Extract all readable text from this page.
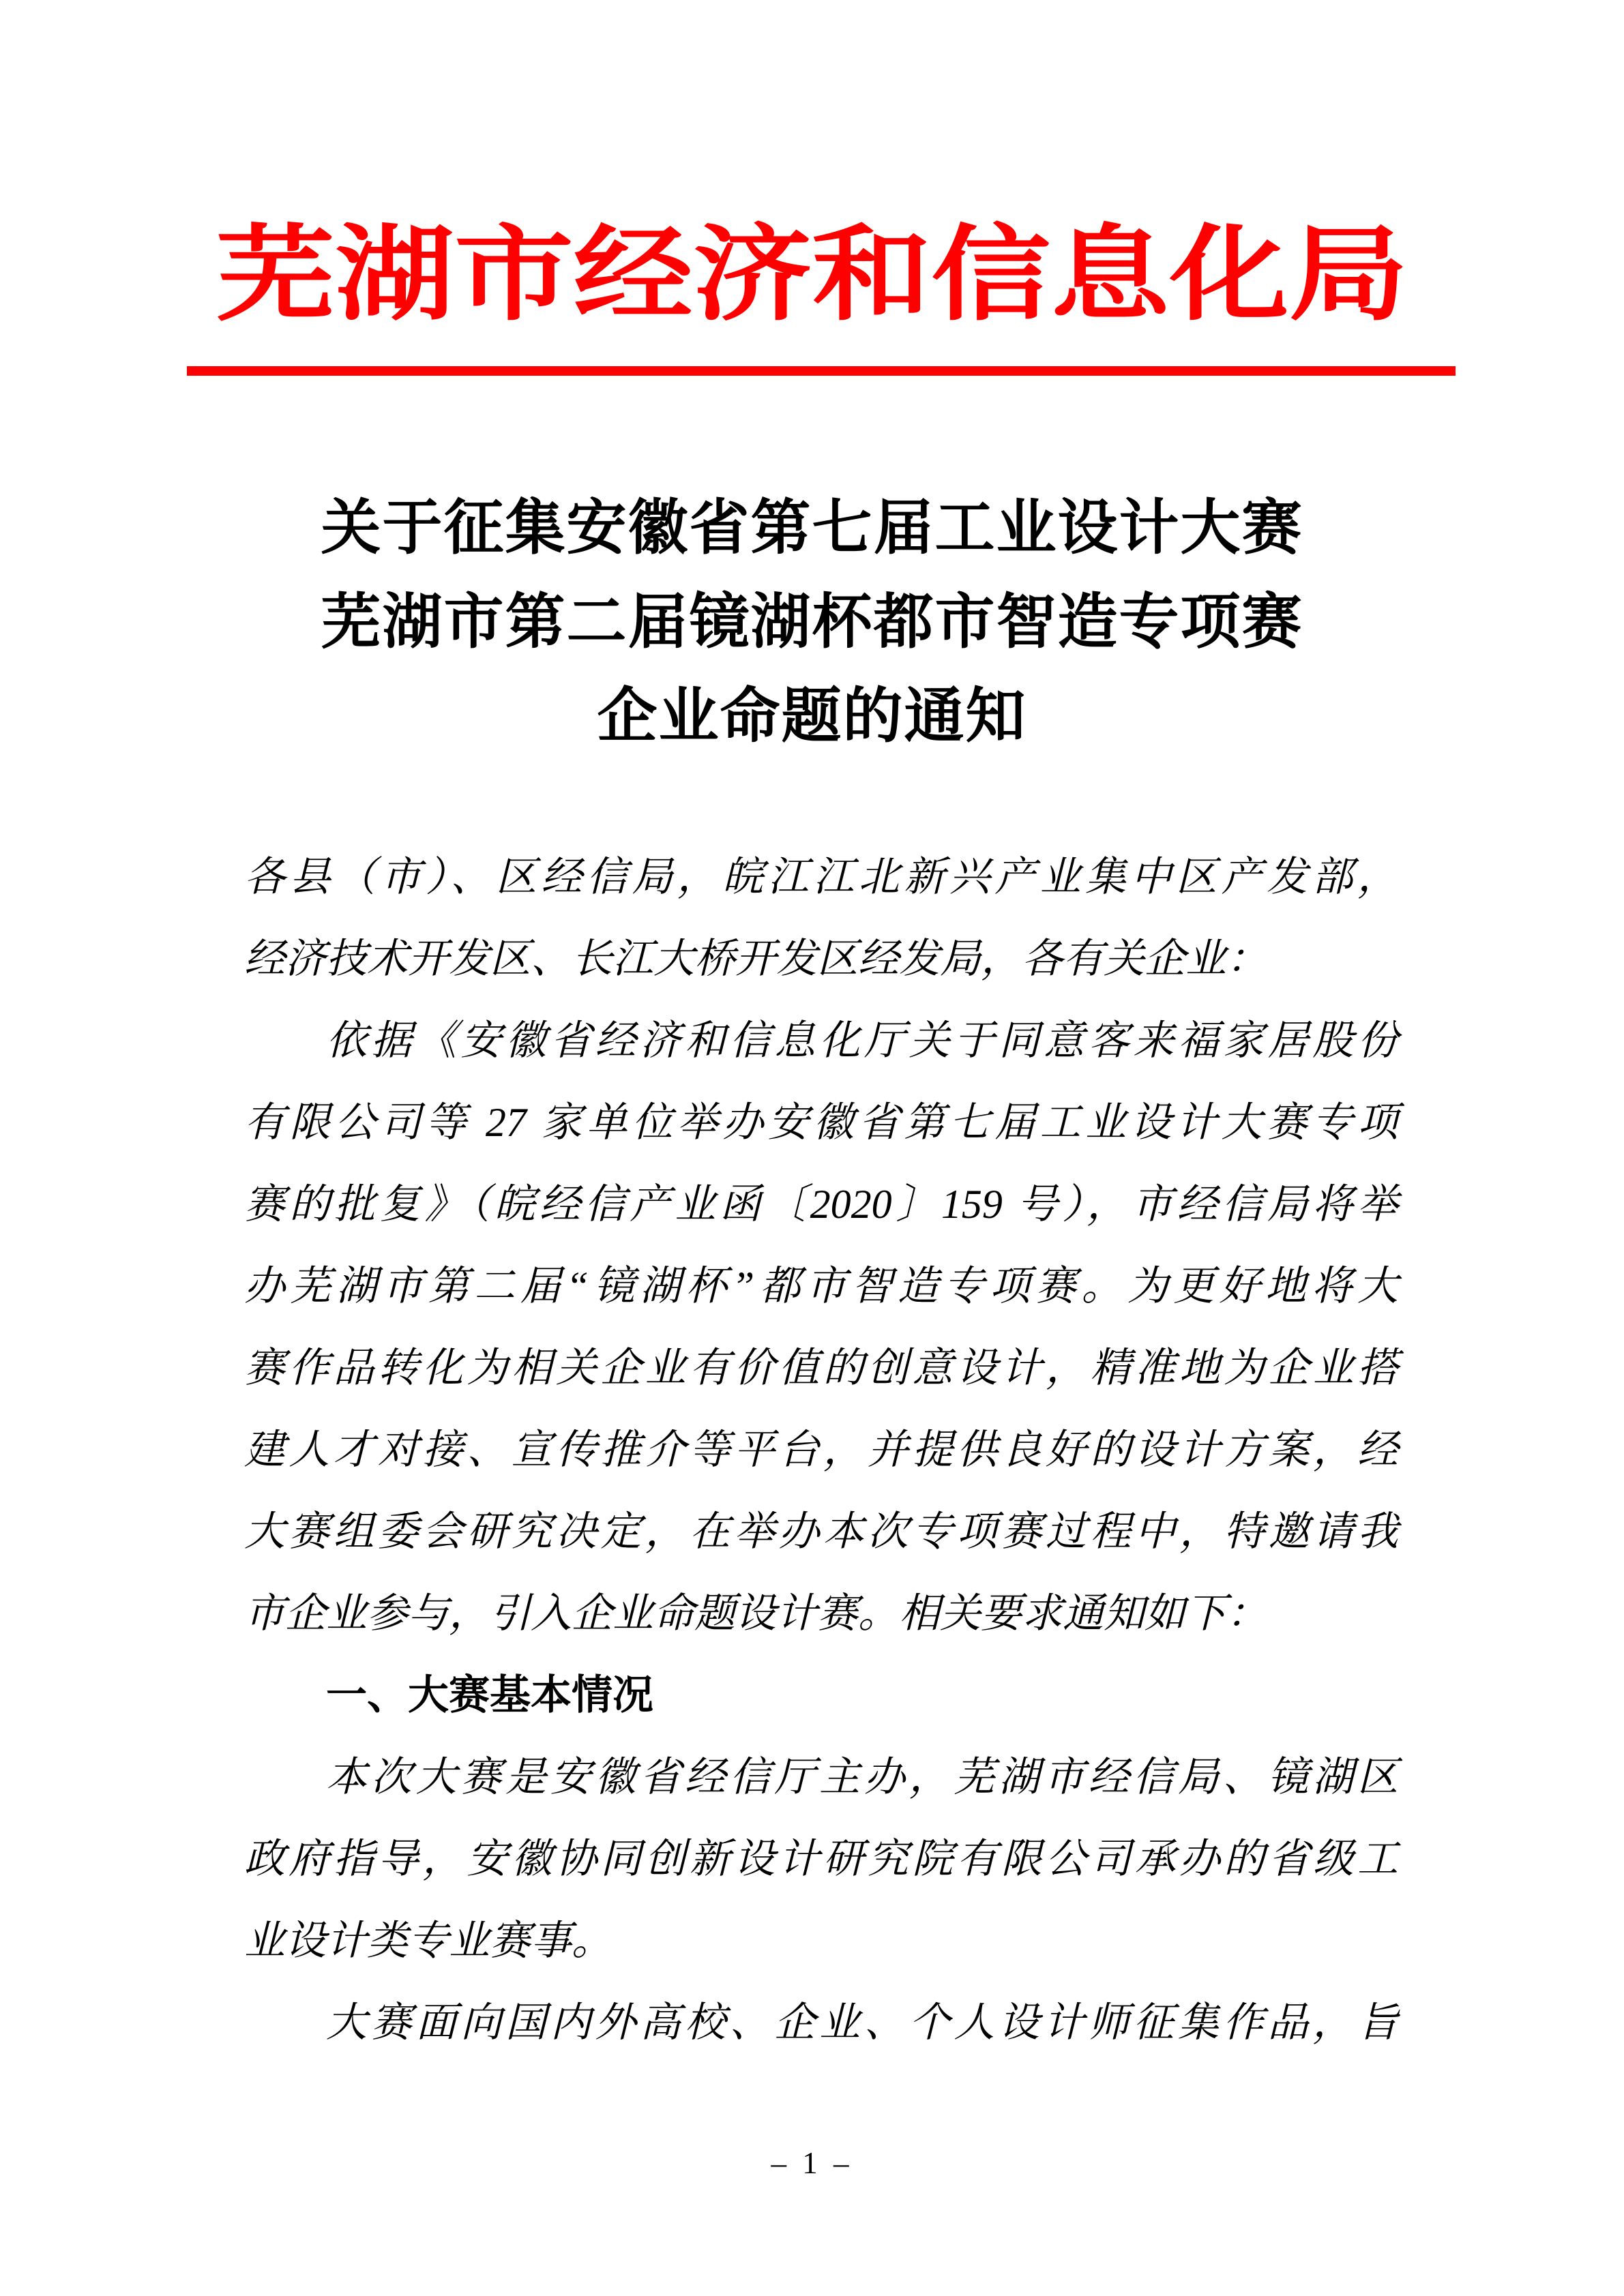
芜湖市经济和信息化局
关于征集安徽省第七届工业设计大赛
芜湖市第二届镜湖杯都市智造专项赛
企业命题的通知
各县（市）、区经信局，皖江江北新兴产业集中区产发部，
经济技术开发区、长江大桥开发区经发局，各有关企业：
依据《安徽省经济和信息化厅关于同意客来福家居股份
有限公司等 27 家单位举办安徽省第七届工业设计大赛专项
赛的批复》（皖经信产业函〔2020〕159 号），市经信局将举
办芜湖市第二届“镜湖杯”都市智造专项赛。为更好地将大
赛作品转化为相关企业有价值的创意设计，精准地为企业搭
建人才对接、宣传推介等平台，并提供良好的设计方案，经
大赛组委会研究决定，在举办本次专项赛过程中，特邀请我
市企业参与，引入企业命题设计赛。相关要求通知如下：
一、大赛基本情况
本次大赛是安徽省经信厅主办，芜湖市经信局、镜湖区
政府指导，安徽协同创新设计研究院有限公司承办的省级工
业设计类专业赛事。
大赛面向国内外高校、企业、个人设计师征集作品，旨
– 1 –
